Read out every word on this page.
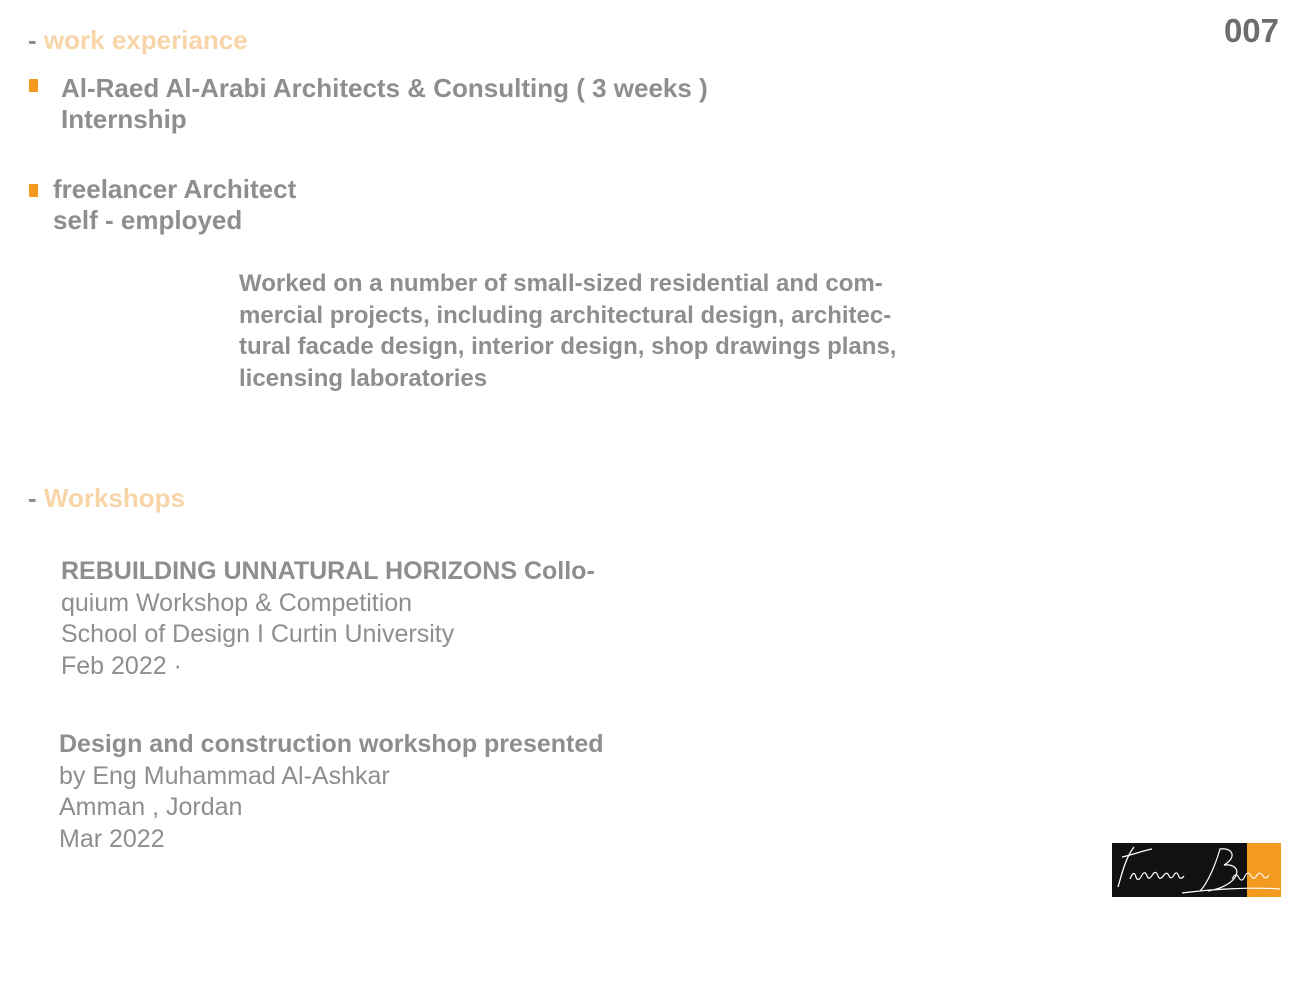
007
- work experiance
Al-Raed Al-Arabi Architects & Consulting ( 3 weeks )
Internship
freelancer Architect
self - employed
Worked on a number of small-sized residential and com-
mercial projects, including architectural design, architec-
tural facade design, interior design, shop drawings plans,
licensing laboratories
- Workshops
REBUILDING UNNATURAL HORIZONS Collo-
quium Workshop & Competition
School of Design I Curtin University
Feb 2022 ·
Design and construction workshop presented
by Eng Muhammad Al-Ashkar
Amman , Jordan
Mar 2022
